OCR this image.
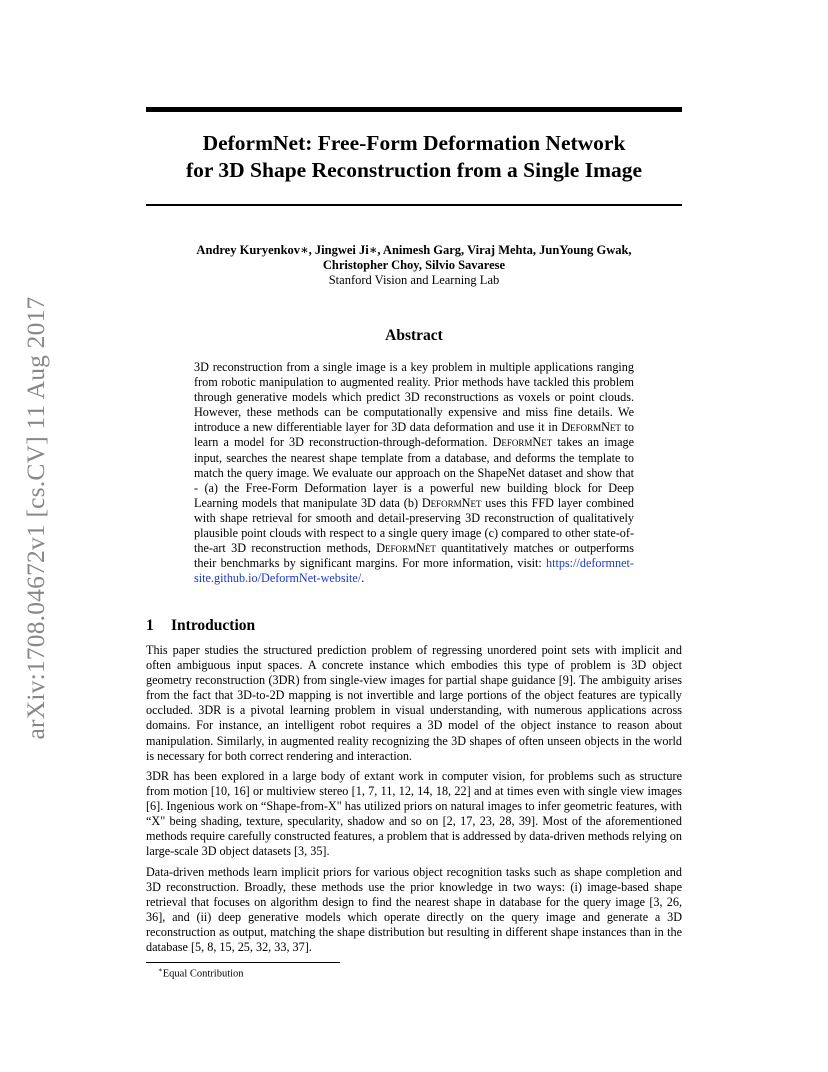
arXiv:1708.04672v1 [cs.CV] 11 Aug 2017
DeformNet: Free-Form Deformation Network
for 3D Shape Reconstruction from a Single Image
Andrey Kuryenkov∗, Jingwei Ji∗, Animesh Garg, Viraj Mehta, JunYoung Gwak,
Christopher Choy, Silvio Savarese
Stanford Vision and Learning Lab
Abstract

3D reconstruction from a single image is a key problem in multiple applications ranging from robotic manipulation to augmented reality. Prior methods have tackled this problem through generative models which predict 3D reconstructions as voxels or point clouds. However, these methods can be computationally expensive and miss fine details. We introduce a new differentiable layer for 3D data deformation and use it in DeformNet to learn a model for 3D reconstruction-through-deformation. DeformNet takes an image input, searches the nearest shape template from a database, and deforms the template to match the query image. We evaluate our approach on the ShapeNet dataset and show that - (a) the Free-Form Deformation layer is a powerful new building block for Deep Learning models that manipulate 3D data (b) DeformNet uses this FFD layer combined with shape retrieval for smooth and detail-preserving 3D reconstruction of qualitatively plausible point clouds with respect to a single query image (c) compared to other state-of-the-art 3D reconstruction methods, DeformNet quantitatively matches or outperforms their benchmarks by significant margins. For more information, visit: https://deformnet-site.github.io/DeformNet-website/.

1 Introduction

This paper studies the structured prediction problem of regressing unordered point sets with implicit and often ambiguous input spaces. A concrete instance which embodies this type of problem is 3D object geometry reconstruction (3DR) from single-view images for partial shape guidance [9]. The ambiguity arises from the fact that 3D-to-2D mapping is not invertible and large portions of the object features are typically occluded. 3DR is a pivotal learning problem in visual understanding, with numerous applications across domains. For instance, an intelligent robot requires a 3D model of the object instance to reason about manipulation. Similarly, in augmented reality recognizing the 3D shapes of often unseen objects in the world is necessary for both correct rendering and interaction.

3DR has been explored in a large body of extant work in computer vision, for problems such as structure from motion [10, 16] or multiview stereo [1, 7, 11, 12, 14, 18, 22] and at times even with single view images [6]. Ingenious work on “Shape-from-X" has utilized priors on natural images to infer geometric features, with “X" being shading, texture, specularity, shadow and so on [2, 17, 23, 28, 39]. Most of the aforementioned methods require carefully constructed features, a problem that is addressed by data-driven methods relying on large-scale 3D object datasets [3, 35].

Data-driven methods learn implicit priors for various object recognition tasks such as shape completion and 3D reconstruction. Broadly, these methods use the prior knowledge in two ways: (i) image-based shape retrieval that focuses on algorithm design to find the nearest shape in database for the query image [3, 26, 36], and (ii) deep generative models which operate directly on the query image and generate a 3D reconstruction as output, matching the shape distribution but resulting in different shape instances than in the database [5, 8, 15, 25, 32, 33, 37].

∗Equal Contribution
